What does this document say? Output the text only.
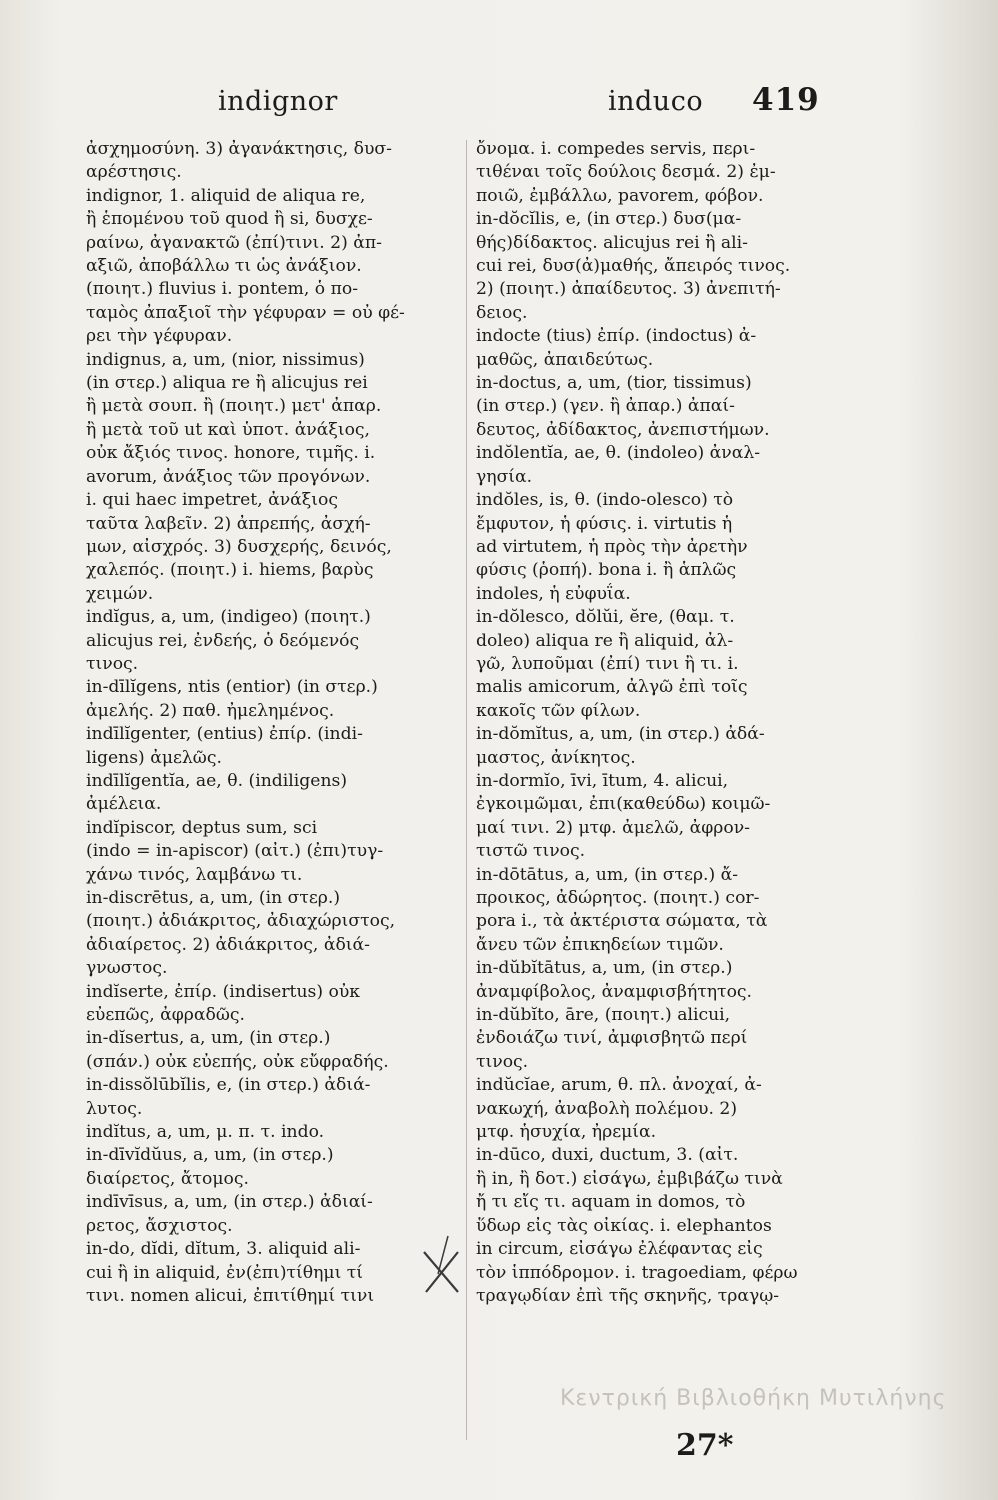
indignor	induco 419
ἀσχημοσύνη. 3) ἀγανάκτησις, δυσ-
αρέστησις.
indignor, 1. aliquid de aliqua re,
ἢ ἑπομένου τοῦ quod ἢ si, δυσχε-
ραίνω, ἀγανακτῶ (ἐπί)τινι. 2) ἀπ-
αξιῶ, ἀποβάλλω τι ὡς ἀνάξιον.
(ποιητ.) fluvius i. pontem, ὁ πο-
ταμὸς ἀπαξιοῖ τὴν γέφυραν = οὐ φέ-
ρει τὴν γέφυραν.
indignus, a, um, (nior, nissimus)
(in στερ.) aliqua re ἢ alicujus rei
ἢ μετὰ σουπ. ἢ (ποιητ.) μετ' ἀπαρ.
ἢ μετὰ τοῦ ut καὶ ὑποτ. ἀνάξιος,
οὐκ ἄξιός τινος. honore, τιμῆς. i.
avorum, ἀνάξιος τῶν προγόνων.
i. qui haec impetret, ἀνάξιος
ταῦτα λαβεῖν. 2) ἀπρεπής, ἀσχή-
μων, αἰσχρός. 3) δυσχερής, δεινός,
χαλεπός. (ποιητ.) i. hiems, βαρὺς
χειμών.
indĭgus, a, um, (indigeo) (ποιητ.)
alicujus rei, ἐνδεής, ὁ δεόμενός
τινος.
in-dīlĭgens, ntis (entior) (in στερ.)
ἀμελής. 2) παθ. ἠμελημένος.
indīlĭgenter, (entius) ἐπίρ. (indi-
ligens) ἀμελῶς.
indīlĭgentĭa, ae, θ. (indiligens)
ἀμέλεια.
indĭpiscor, deptus sum, sci
(indo = in-apiscor) (αἰτ.) (ἐπι)τυγ-
χάνω τινός, λαμβάνω τι.
in-discrētus, a, um, (in στερ.)
(ποιητ.) ἀδιάκριτος, ἀδιαχώριστος,
ἀδιαίρετος. 2) ἀδιάκριτος, ἀδιά-
γνωστος.
indĭserte, ἐπίρ. (indisertus) οὐκ
εὐεπῶς, ἀφραδῶς.
in-dĭsertus, a, um, (in στερ.)
(σπάν.) οὐκ εὐεπής, οὐκ εὔφραδής.
in-dissŏlūbĭlis, e, (in στερ.) ἀδιά-
λυτος.
indĭtus, a, um, μ. π. τ. indo.
in-dīvĭdŭus, a, um, (in στερ.)
διαίρετος, ἄτομος.
indīvīsus, a, um, (in στερ.) ἀδιαί-
ρετος, ἄσχιστος.
in-do, dĭdi, dĭtum, 3. aliquid ali-
cui ἢ in aliquid, ἐν(ἐπι)τίθημι τί
τινι. nomen alicui, ἐπιτίθημί τινι
ὄνομα. i. compedes servis, περι-
τιθέναι τοῖς δούλοις δεσμά. 2) ἐμ-
ποιῶ, ἐμβάλλω, pavorem, φόβον.
in-dŏcĭlis, e, (in στερ.) δυσ(μα-
θής)δίδακτος. alicujus rei ἢ ali-
cui rei, δυσ(ἀ)μαθής, ἄπειρός τινος.
2) (ποιητ.) ἀπαίδευτος. 3) ἀνεπιτή-
δειος.
indocte (tius) ἐπίρ. (indoctus) ἀ-
μαθῶς, ἀπαιδεύτως.
in-doctus, a, um, (tior, tissimus)
(in στερ.) (γεν. ἢ ἀπαρ.) ἀπαί-
δευτος, ἀδίδακτος, ἀνεπιστήμων.
indŏlentĭa, ae, θ. (indoleo) ἀναλ-
γησία.
indŏles, is, θ. (indo-olesco) τὸ
ἔμφυτον, ἡ φύσις. i. virtutis ἡ
ad virtutem, ἡ πρὸς τὴν ἀρετὴν
φύσις (ῥοπή). bona i. ἢ ἁπλῶς
indoles, ἡ εὐφυΐα.
in-dŏlesco, dŏlŭi, ĕre, (θαμ. τ.
doleo) aliqua re ἢ aliquid, ἀλ-
γῶ, λυποῦμαι (ἐπί) τινι ἢ τι. i.
malis amicorum, ἀλγῶ ἐπὶ τοῖς
κακοῖς τῶν φίλων.
in-dŏmĭtus, a, um, (in στερ.) ἀδά-
μαστος, ἀνίκητος.
in-dormĭo, īvi, ītum, 4. alicui,
ἐγκοιμῶμαι, ἐπι(καθεύδω) κοιμῶ-
μαί τινι. 2) μτφ. ἀμελῶ, ἀφρον-
τιστῶ τινος.
in-dōtātus, a, um, (in στερ.) ἄ-
προικος, ἀδώρητος. (ποιητ.) cor-
pora i., τὰ ἀκτέριστα σώματα, τὰ
ἄνευ τῶν ἐπικηδείων τιμῶν.
in-dŭbĭtātus, a, um, (in στερ.)
ἀναμφίβολος, ἀναμφισβήτητος.
in-dŭbĭto, āre, (ποιητ.) alicui,
ἐνδοιάζω τινί, ἀμφισβητῶ περί
τινος.
indŭcĭae, arum, θ. πλ. ἀνοχαί, ἀ-
νακωχή, ἀναβολὴ πολέμου. 2)
μτφ. ἡσυχία, ἠρεμία.
in-dūco, duxi, ductum, 3. (αἰτ.
ἢ in, ἢ δοτ.) εἰσάγω, ἐμβιβάζω τινὰ
ἤ τι εἴς τι. aquam in domos, τὸ
ὕδωρ εἰς τὰς οἰκίας. i. elephantos
in circum, εἰσάγω ἐλέφαντας εἰς
τὸν ἱππόδρομον. i. tragoediam, φέρω
τραγῳδίαν ἐπὶ τῆς σκηνῆς, τραγῳ-
Κεντρική Βιβλιοθήκη Μυτιλήνης
27*
